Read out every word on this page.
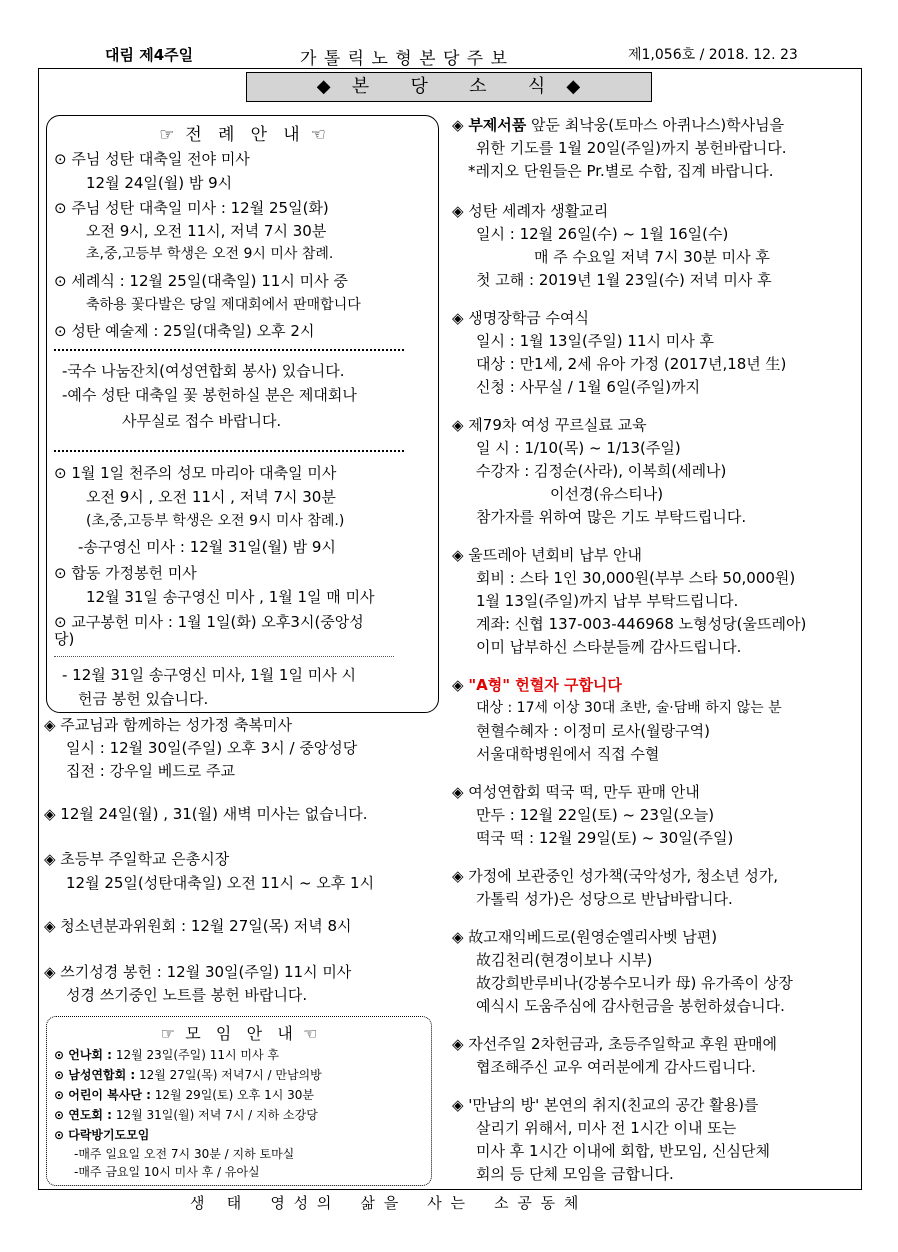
대림 제4주일	가 톨 릭 노 형 본 당 주 보	제1,056호 / 2018. 12. 23
◆   본      당      소      식   ◆
☞  전   례   안   내  ☜
⊙ 주님 성탄 대축일 전야 미사
12월 24일(월) 밤 9시
⊙ 주님 성탄 대축일 미사 : 12월 25일(화)
오전 9시, 오전 11시, 저녁 7시 30분
초,중,고등부 학생은 오전 9시 미사 참례.
⊙ 세례식 : 12월 25일(대축일) 11시 미사 중
축하용 꽃다발은 당일 제대회에서 판매합니다
⊙ 성탄 예술제 : 25일(대축일) 오후 2시
-국수 나눔잔치(여성연합회 봉사) 있습니다.
-예수 성탄 대축일 꽃 봉헌하실 분은 제대회나
사무실로 접수 바랍니다.
⊙ 1월 1일 천주의 성모 마리아 대축일 미사
오전 9시 , 오전 11시 , 저녁 7시 30분
(초,중,고등부 학생은 오전 9시 미사 참례.)
-송구영신 미사 : 12월 31일(월) 밤 9시
⊙ 합동 가정봉헌 미사
12월 31일 송구영신 미사 , 1월 1일 매 미사
⊙ 교구봉헌 미사 : 1월 1일(화) 오후3시(중앙성
당)
- 12월 31일 송구영신 미사, 1월 1일 미사 시
헌금 봉헌 있습니다.
◈ 주교님과 함께하는 성가정 축복미사
일시 : 12월 30일(주일) 오후 3시 / 중앙성당
집전 : 강우일 베드로 주교
◈ 12월 24일(월) , 31(월) 새벽 미사는 없습니다.
◈ 초등부 주일학교 은총시장
12월 25일(성탄대축일) 오전 11시 ~ 오후 1시
◈ 청소년분과위원회 : 12월 27일(목) 저녁 8시
◈ 쓰기성경 봉헌 : 12월 30일(주일) 11시 미사
성경 쓰기중인 노트를 봉헌 바랍니다.
☞  모   임   안   내  ☜
⊙ 언나회 : 12월 23일(주일) 11시 미사 후
⊙ 남성연합회 : 12월 27일(목) 저녁7시 / 만남의방
⊙ 어린이 복사단 : 12월 29일(토) 오후 1시 30분
⊙ 연도회 : 12월 31일(월) 저녁 7시 / 지하 소강당
⊙ 다락방기도모임
-매주 일요일 오전 7시 30분 / 지하 토마실
-매주 금요일 10시 미사 후 / 유아실
◈ 부제서품 앞둔 최낙웅(토마스 아퀴나스)학사님을
위한 기도를 1월 20일(주일)까지 봉헌바랍니다.
*레지오 단원들은 Pr.별로 수합, 집계 바랍니다.
◈ 성탄 세례자 생활교리
일시 : 12월 26일(수) ~ 1월 16일(수)
매 주 수요일 저녁 7시 30분 미사 후
첫 고해 : 2019년 1월 23일(수) 저녁 미사 후
◈ 생명장학금 수여식
일시 : 1월 13일(주일) 11시 미사 후
대상 : 만1세, 2세 유아 가정 (2017년,18년 生)
신청 : 사무실 / 1월 6일(주일)까지
◈ 제79차 여성 꾸르실료 교육
일 시 : 1/10(목) ~ 1/13(주일)
수강자 : 김정순(사라), 이복희(세레나)
이선경(유스티나)
참가자를 위하여 많은 기도 부탁드립니다.
◈ 울뜨레아 년회비 납부 안내
회비 : 스타 1인 30,000원(부부 스타 50,000원)
1월 13일(주일)까지 납부 부탁드립니다.
계좌: 신협 137-003-446968 노형성당(울뜨레아)
이미 납부하신 스타분들께 감사드립니다.
◈ "A형" 헌혈자 구합니다
대상 : 17세 이상 30대 초반, 술·담배 하지 않는 분
현혈수혜자 : 이정미 로사(월랑구역)
서울대학병원에서 직접 수혈
◈ 여성연합회 떡국 떡, 만두 판매 안내
만두 : 12월 22일(토) ~ 23일(오늘)
떡국 떡 : 12월 29일(토) ~ 30일(주일)
◈ 가정에 보관중인 성가책(국악성가, 청소년 성가,
가톨릭 성가)은 성당으로 반납바랍니다.
◈ 故고재익베드로(원영순엘리사벳 남편)
故김천리(현경이보나 시부)
故강희반루비나(강봉수모니카 母) 유가족이 상장
예식시 도움주심에 감사헌금을 봉헌하셨습니다.
◈ 자선주일 2차헌금과, 초등주일학교 후원 판매에
협조해주신 교우 여러분에게 감사드립니다.
◈ '만남의 방' 본연의 취지(친교의 공간 활용)를
살리기 위해서, 미사 전 1시간 이내 또는
미사 후 1시간 이내에 회합, 반모임, 신심단체
회의 등 단체 모임을 금합니다.
생   태    영 성 의    삶 을    사 는    소 공 동 체
